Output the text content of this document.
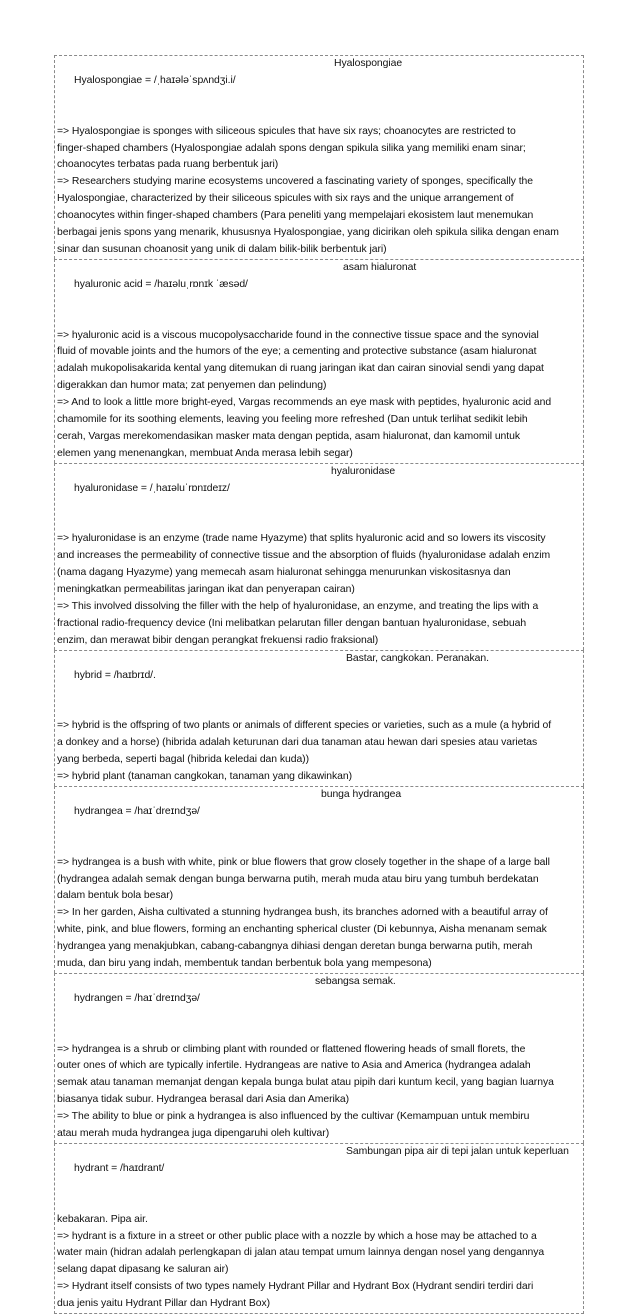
Hyalospongiae = /ˌhaɪələˈspʌndʒi.i/

Hyalospongiae

=> Hyalospongiae is sponges with siliceous spicules that have six rays; choanocytes are restricted to
finger-shaped chambers (Hyalospongiae adalah spons dengan spikula silika yang memiliki enam sinar;
choanocytes terbatas pada ruang berbentuk jari)
=> Researchers studying marine ecosystems uncovered a fascinating variety of sponges, specifically the
Hyalospongiae, characterized by their siliceous spicules with six rays and the unique arrangement of
choanocytes within finger-shaped chambers (Para peneliti yang mempelajari ekosistem laut menemukan
berbagai jenis spons yang menarik, khususnya Hyalospongiae, yang dicirikan oleh spikula silika dengan enam
sinar dan susunan choanosit yang unik di dalam bilik-bilik berbentuk jari)

hyaluronic acid = /haɪəluˌrɒnɪk ˈæsəd/

asam hialuronat

=> hyaluronic acid is a viscous mucopolysaccharide found in the connective tissue space and the synovial
fluid of movable joints and the humors of the eye; a cementing and protective substance (asam hialuronat
adalah mukopolisakarida kental yang ditemukan di ruang jaringan ikat dan cairan sinovial sendi yang dapat
digerakkan dan humor mata; zat penyemen dan pelindung)
=> And to look a little more bright-eyed, Vargas recommends an eye mask with peptides, hyaluronic acid and
chamomile for its soothing elements, leaving you feeling more refreshed (Dan untuk terlihat sedikit lebih
cerah, Vargas merekomendasikan masker mata dengan peptida, asam hialuronat, dan kamomil untuk
elemen yang menenangkan, membuat Anda merasa lebih segar)

hyaluronidase = /ˌhaɪəluˈrɒnɪdeɪz/

hyaluronidase

=> hyaluronidase is an enzyme (trade name Hyazyme) that splits hyaluronic acid and so lowers its viscosity
and increases the permeability of connective tissue and the absorption of fluids (hyaluronidase adalah enzim
(nama dagang Hyazyme) yang memecah asam hialuronat sehingga menurunkan viskositasnya dan
meningkatkan permeabilitas jaringan ikat dan penyerapan cairan)
=> This involved dissolving the filler with the help of hyaluronidase, an enzyme, and treating the lips with a
fractional radio-frequency device (Ini melibatkan pelarutan filler dengan bantuan hyaluronidase, sebuah
enzim, dan merawat bibir dengan perangkat frekuensi radio fraksional)

hybrid = /haɪbrɪd/.

Bastar, cangkokan. Peranakan.

=> hybrid is the offspring of two plants or animals of different species or varieties, such as a mule (a hybrid of
a donkey and a horse) (hibrida adalah keturunan dari dua tanaman atau hewan dari spesies atau varietas
yang berbeda, seperti bagal (hibrida keledai dan kuda))
=> hybrid plant (tanaman cangkokan, tanaman yang dikawinkan)

hydrangea = /haɪˈdreɪndʒə/

bunga hydrangea

=> hydrangea is a bush with white, pink or blue flowers that grow closely together in the shape of a large ball
(hydrangea adalah semak dengan bunga berwarna putih, merah muda atau biru yang tumbuh berdekatan
dalam bentuk bola besar)
=> In her garden, Aisha cultivated a stunning hydrangea bush, its branches adorned with a beautiful array of
white, pink, and blue flowers, forming an enchanting spherical cluster (Di kebunnya, Aisha menanam semak
hydrangea yang menakjubkan, cabang-cabangnya dihiasi dengan deretan bunga berwarna putih, merah
muda, dan biru yang indah, membentuk tandan berbentuk bola yang mempesona)

hydrangen = /haɪˈdreɪndʒə/

sebangsa semak.

=> hydrangea is a shrub or climbing plant with rounded or flattened flowering heads of small florets, the
outer ones of which are typically infertile. Hydrangeas are native to Asia and America (hydrangea adalah
semak atau tanaman memanjat dengan kepala bunga bulat atau pipih dari kuntum kecil, yang bagian luarnya
biasanya tidak subur. Hydrangea berasal dari Asia dan Amerika)
=> The ability to blue or pink a hydrangea is also influenced by the cultivar (Kemampuan untuk membiru
atau merah muda hydrangea juga dipengaruhi oleh kultivar)

hydrant = /haɪdrant/

Sambungan pipa air di tepi jalan untuk keperluan

kebakaran. Pipa air.
=> hydrant is a fixture in a street or other public place with a nozzle by which a hose may be attached to a
water main (hidran adalah perlengkapan di jalan atau tempat umum lainnya dengan nosel yang dengannya
selang dapat dipasang ke saluran air)
=> Hydrant itself consists of two types namely Hydrant Pillar and Hydrant Box (Hydrant sendiri terdiri dari
dua jenis yaitu Hydrant Pillar dan Hydrant Box)
